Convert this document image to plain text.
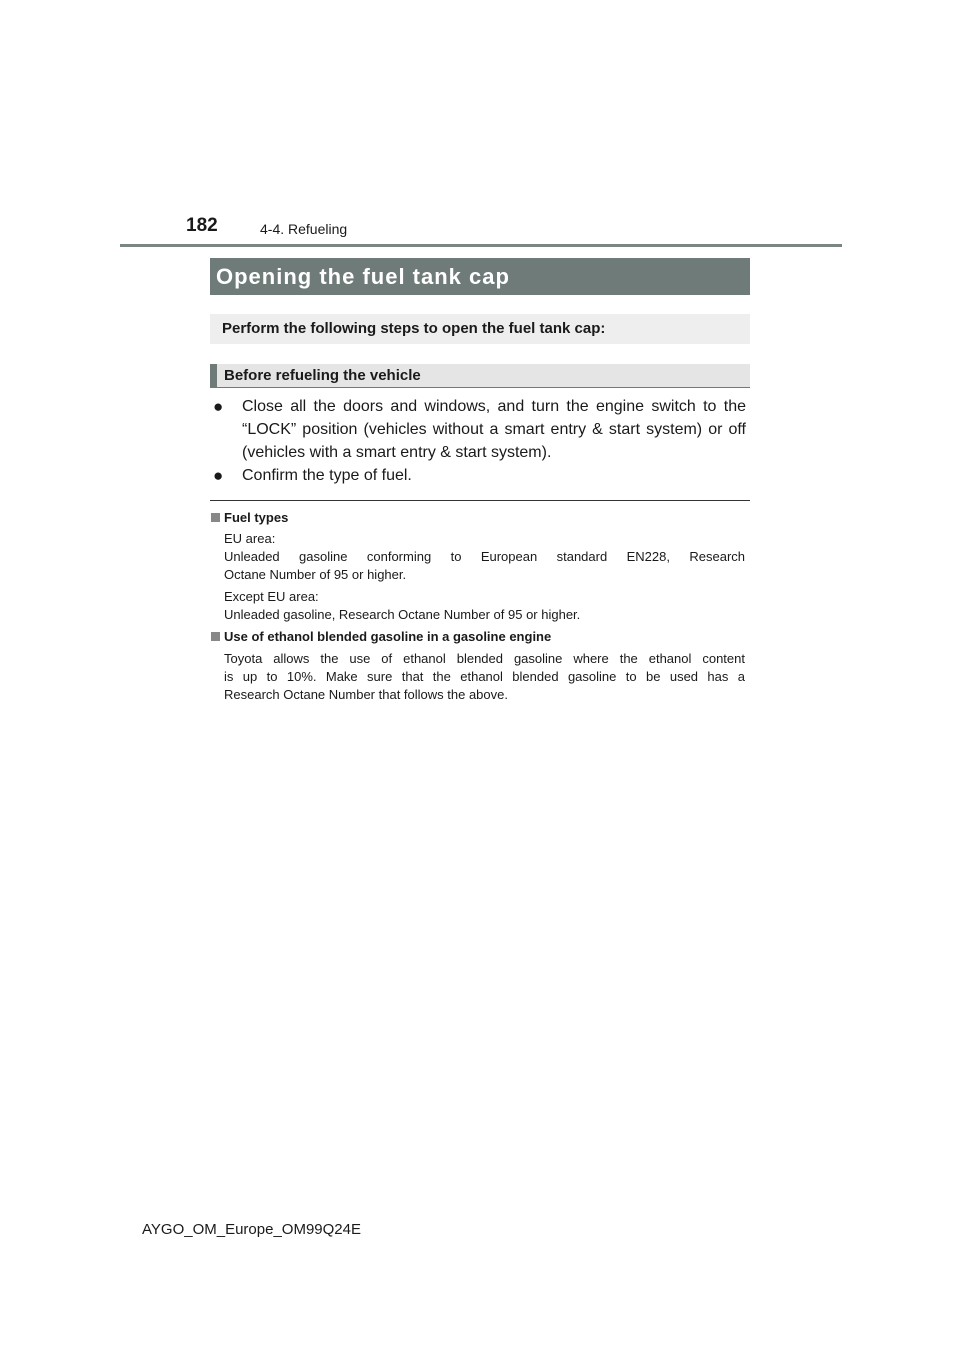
182	4-4. Refueling
Opening the fuel tank cap
Perform the following steps to open the fuel tank cap:
Before refueling the vehicle
● Close all the doors and windows, and turn the engine switch to the “LOCK” position (vehicles without a smart entry & start system) or off (vehicles with a smart entry & start system).
● Confirm the type of fuel.
Fuel types

EU area:

Unleaded gasoline conforming to European standard EN228, Research

Octane Number of 95 or higher.

Except EU area:

Unleaded gasoline, Research Octane Number of 95 or higher.

Use of ethanol blended gasoline in a gasoline engine

Toyota allows the use of ethanol blended gasoline where the ethanol content

is up to 10%. Make sure that the ethanol blended gasoline to be used has a

Research Octane Number that follows the above.

AYGO_OM_Europe_OM99Q24E
